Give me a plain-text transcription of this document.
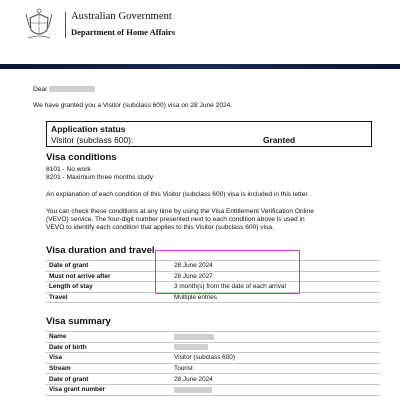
Australian Government
Department of Home Affairs
Dear
We have granted you a Visitor (subclass 600) visa on 28 June 2024.
Application status
Visitor (subclass 600):	Granted
Visa conditions
8101 - No work
8201 - Maximum three months study
An explanation of each condition of this Visitor (subclass 600) visa is included in this letter.
You can check these conditions at any time by using the Visa Entitlement Verification Online
(VEVO) service. The four-digit number presented next to each condition above is used in
VEVO to identify each condition that applies to this Visitor (subclass 600) visa.
Visa duration and travel
Date of grant	28 June 2024
Must not arrive after	28 June 2027
Length of stay	3 month(s) from the date of each arrival
Travel	Multiple entries
Visa summary
Name	
Date of birth	
Visa	Visitor (subclass 600)
Stream	Tourist
Date of grant	28 June 2024
Visa grant number	
